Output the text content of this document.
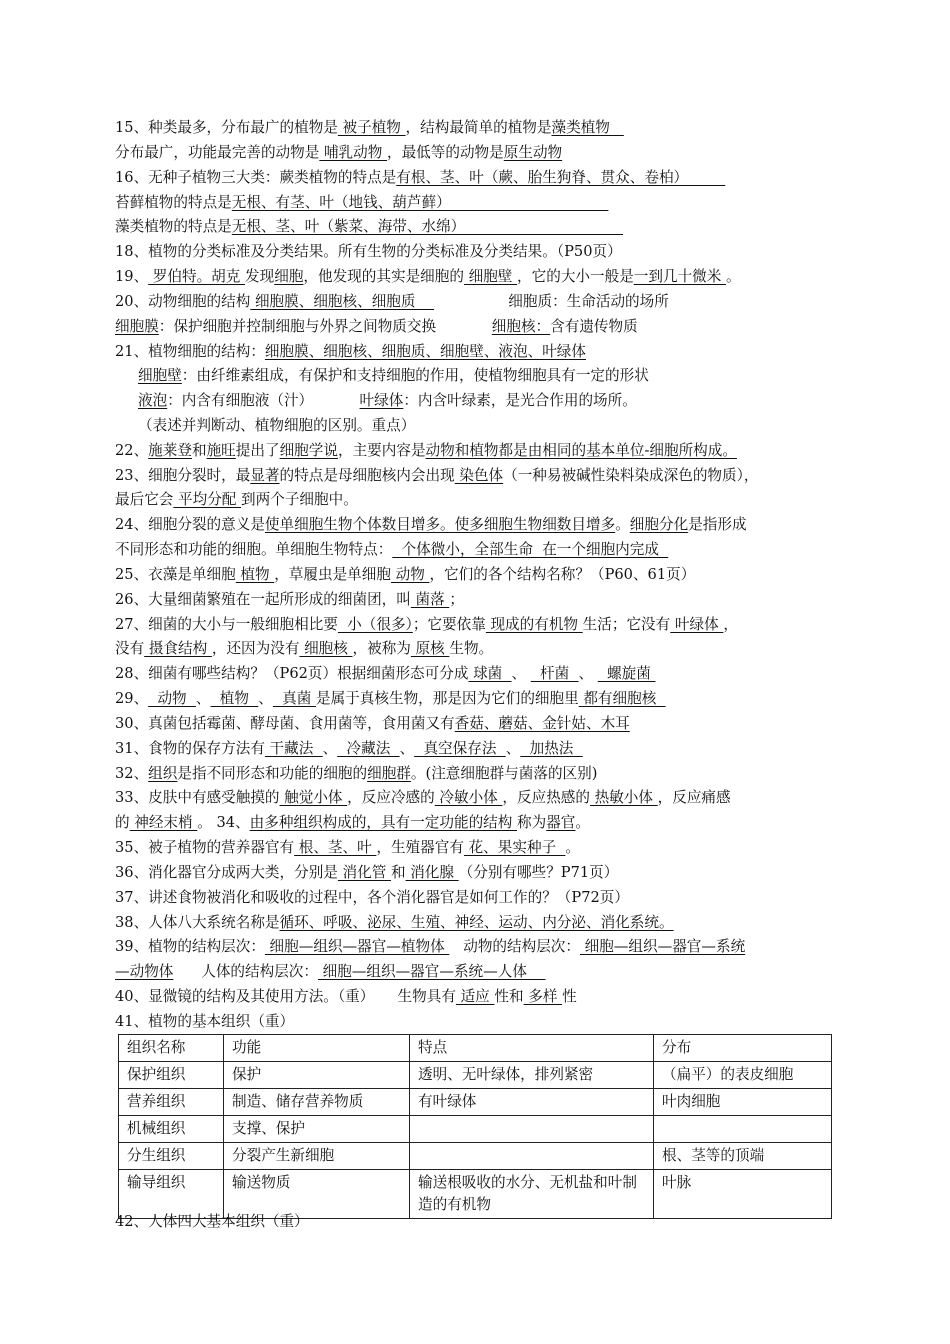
15、种类最多，分布最广的植物是 被子植物 ，结构最简单的植物是藻类植物
分布最广，功能最完善的动物是 哺乳动物 ，最低等的动物是原生动物
16、无种子植物三大类：蕨类植物的特点是有根、茎、叶（蕨、胎生狗脊、贯众、卷柏）
苔藓植物的特点是无根、有茎、叶（地钱、葫芦藓）
藻类植物的特点是无根、茎、叶（紫菜、海带、水绵）
18、植物的分类标准及分类结果。所有生物的分类标准及分类结果。（P50页）
19、 罗伯特。胡克 发现细胞，他发现的其实是细胞的 细胞壁 ，它的大小一般是一到几十微米 。
20、动物细胞的结构 细胞膜、细胞核、细胞质                    细胞质：生命活动的场所
细胞膜：保护细胞并控制细胞与外界之间物质交换            细胞核：含有遗传物质
21、植物细胞的结构：细胞膜、细胞核、细胞质、细胞壁、液泡、叶绿体
细胞壁：由纤维素组成，有保护和支持细胞的作用，使植物细胞具有一定的形状
液泡：内含有细胞液（汁）          叶绿体：内含叶绿素，是光合作用的场所。
（表述并判断动、植物细胞的区别。重点）
22、施莱登和施旺提出了细胞学说，主要内容是动物和植物都是由相同的基本单位-细胞所构成。
23、细胞分裂时，最显著的特点是母细胞核内会出现 染色体（一种易被碱性染料染成深色的物质），
最后它会 平均分配 到两个子细胞中。
24、细胞分裂的意义是使单细胞生物个体数目增多。使多细胞生物细数目增多。细胞分化是指形成
不同形态和功能的细胞。单细胞生物特点：  个体微小，全部生命  在一个细胞内完成
25、衣藻是单细胞 植物 ，草履虫是单细胞 动物 ，它们的各个结构名称？（P60、61页）
26、大量细菌繁殖在一起所形成的细菌团，叫 菌落 ；
27、细菌的大小与一般细胞相比要  小（很多）；它要依靠 现成的有机物 生活；它没有 叶绿体 ，
没有 摄食结构 ，还因为没有 细胞核 ，被称为 原核 生物。
28、细菌有哪些结构？（P62页）根据细菌形态可分成 球菌  、   杆菌  、   螺旋菌
29、  动物  、  植物  、  真菌 是属于真核生物，那是因为它们的细胞里 都有细胞核
30、真菌包括霉菌、酵母菌、食用菌等，食用菌又有香菇、蘑菇、金针姑、木耳
31、食物的保存方法有 干藏法  、  冷藏法  、  真空保存法  、  加热法
32、组织是指不同形态和功能的细胞的细胞群。(注意细胞群与菌落的区别)
33、皮肤中有感受触摸的 触觉小体 ，反应冷感的 冷敏小体 ，反应热感的 热敏小体 ，反应痛感
的 神经末梢 。 34、由多种组织构成的，具有一定功能的结构 称为器官。
35、被子植物的营养器官有 根、茎、叶 ，生殖器官有 花、果实种子  。
36、消化器官分成两大类，分别是 消化管 和 消化腺 （分别有哪些？P71页）
37、讲述食物被消化和吸收的过程中，各个消化器官是如何工作的？（P72页）
38、人体八大系统名称是循环、呼吸、泌尿、生殖、神经、运动、内分泌、消化系统。
39、植物的结构层次： 细胞—组织—器官—植物体    动物的结构层次： 细胞—组织—器官—系统
—动物体      人体的结构层次： 细胞—组织—器官—系统—人体
40、显微镜的结构及其使用方法。（重）     生物具有 适应 性和 多样 性
41、植物的基本组织（重）
组织名称	功能	特点	分布
保护组织	保护	透明、无叶绿体，排列紧密	（扁平）的表皮细胞
营养组织	制造、储存营养物质	有叶绿体	叶肉细胞
机械组织	支撑、保护		
分生组织	分裂产生新细胞		根、茎等的顶端
输导组织	输送物质	输送根吸收的水分、无机盐和叶制造的有机物	叶脉
42、人体四大基本组织（重）
